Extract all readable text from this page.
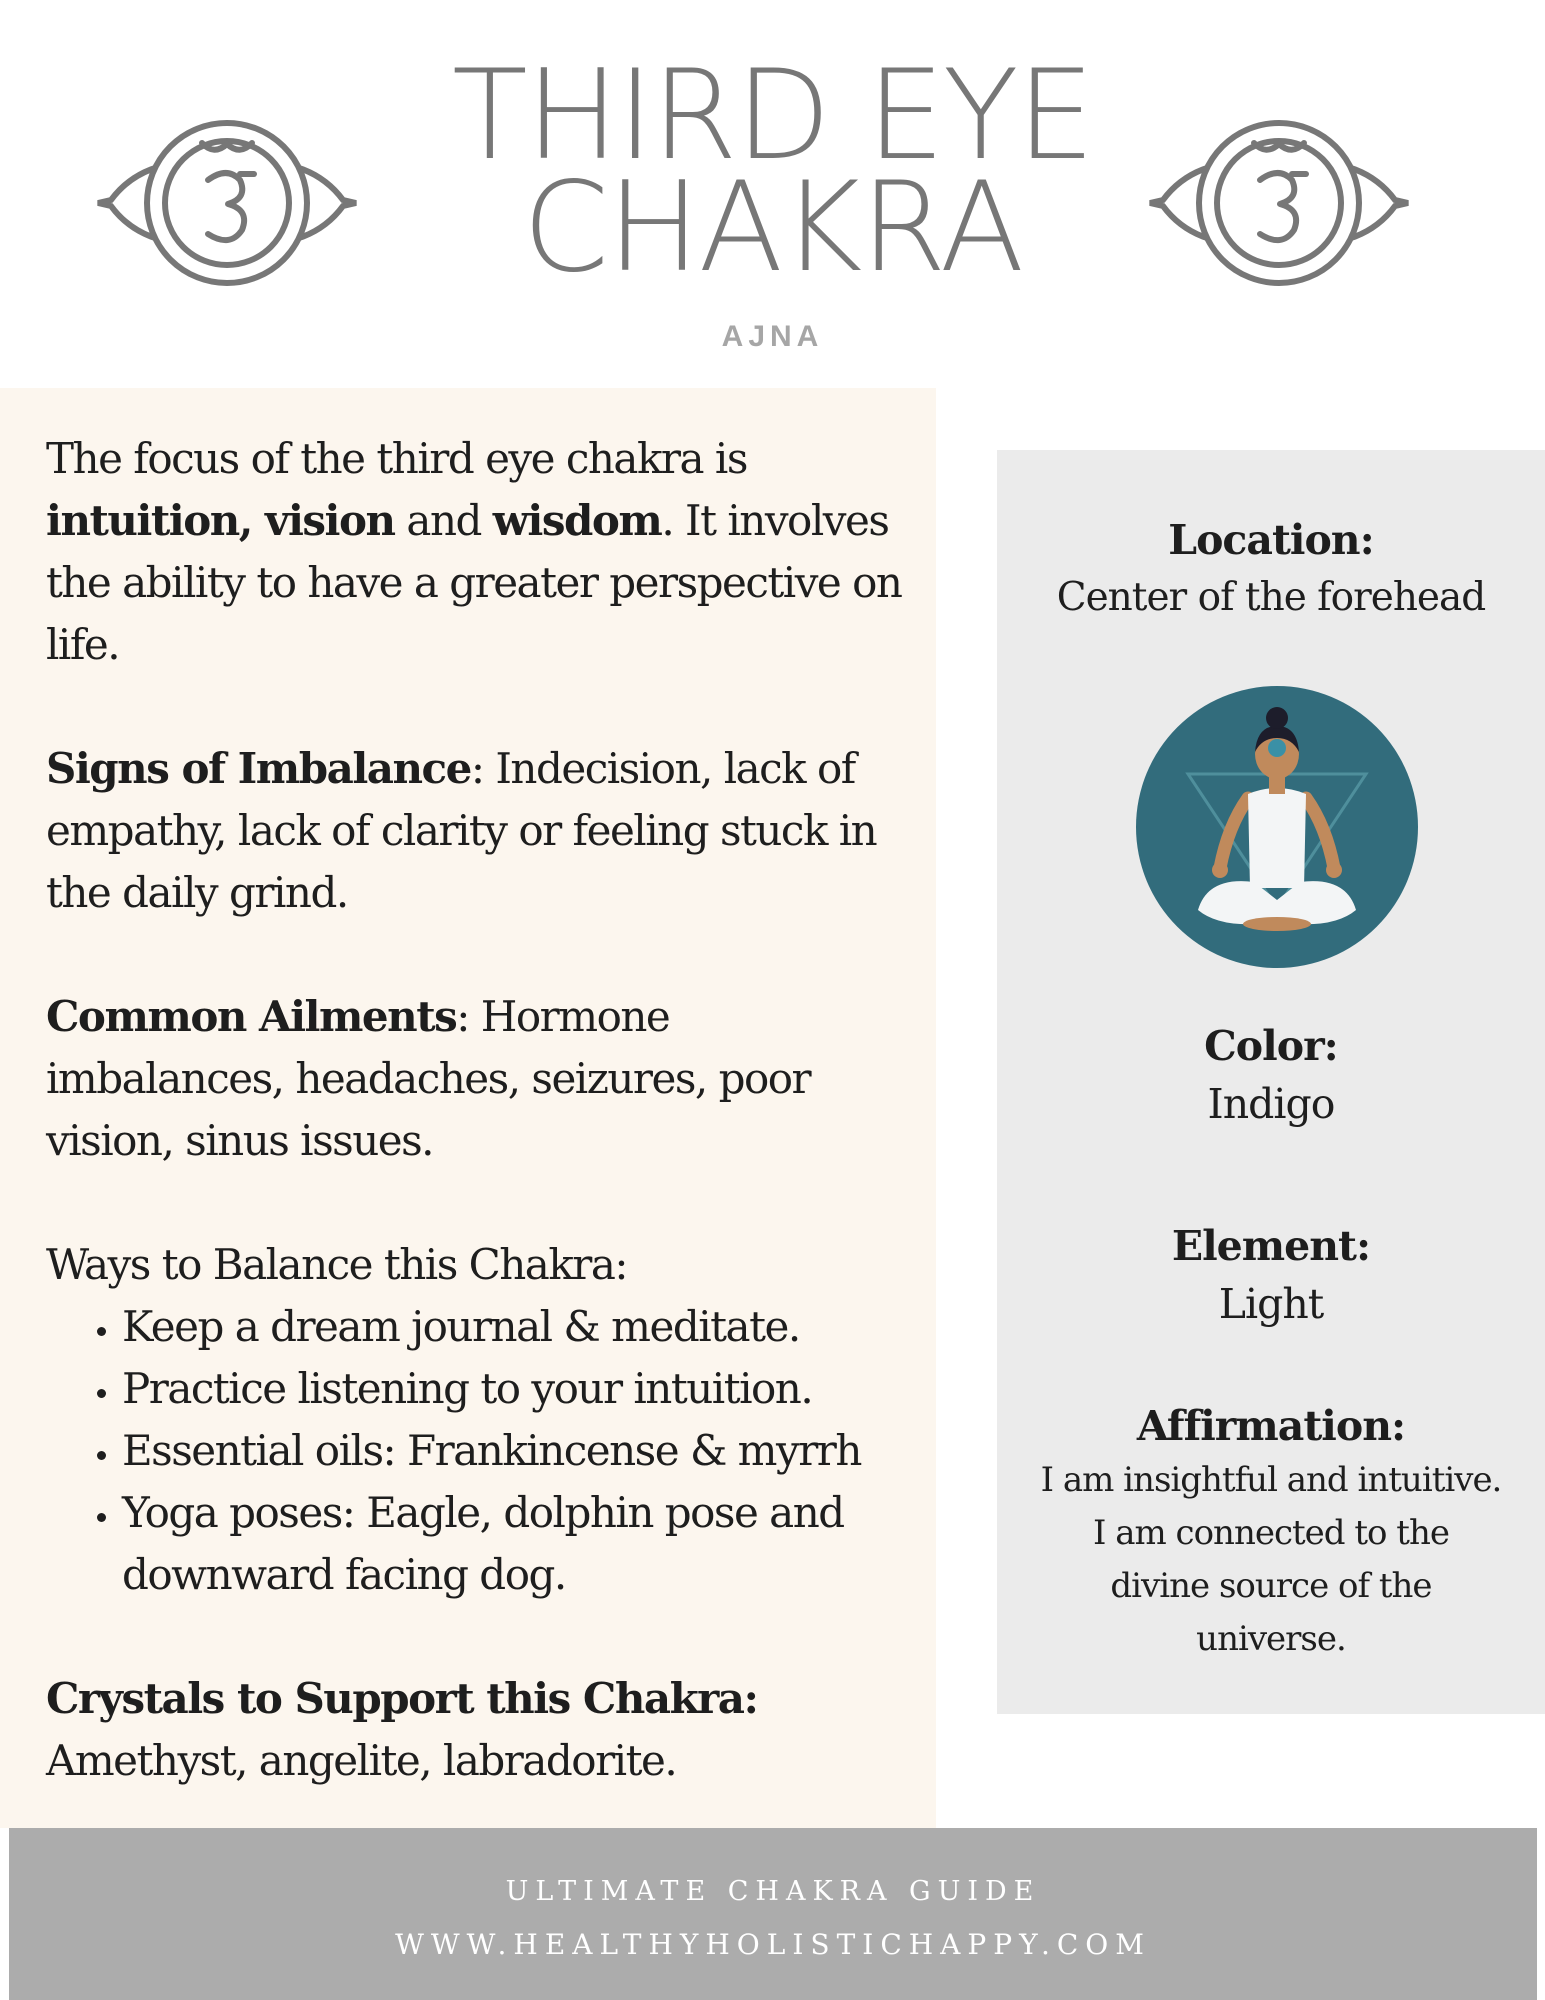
THIRD EYE
CHAKRA
AJNA

The focus of the third eye chakra is intuition, vision and wisdom. It involves the ability to have a greater perspective on life.

Signs of Imbalance: Indecision, lack of empathy, lack of clarity or feeling stuck in the daily grind.

Common Ailments: Hormone imbalances, headaches, seizures, poor vision, sinus issues.

Ways to Balance this Chakra:

• Keep a dream journal & meditate.
• Practice listening to your intuition.
• Essential oils: Frankincense & myrrh
• Yoga poses: Eagle, dolphin pose and downward facing dog.

Crystals to Support this Chakra:

Amethyst, angelite, labradorite.

Location:
Center of the forehead
Color:
Indigo
Element:
Light
Affirmation:
I am insightful and intuitive.
I am connected to the
divine source of the
universe.
ULTIMATE CHAKRA GUIDE
WWW.HEALTHYHOLISTICHAPPY.COM
